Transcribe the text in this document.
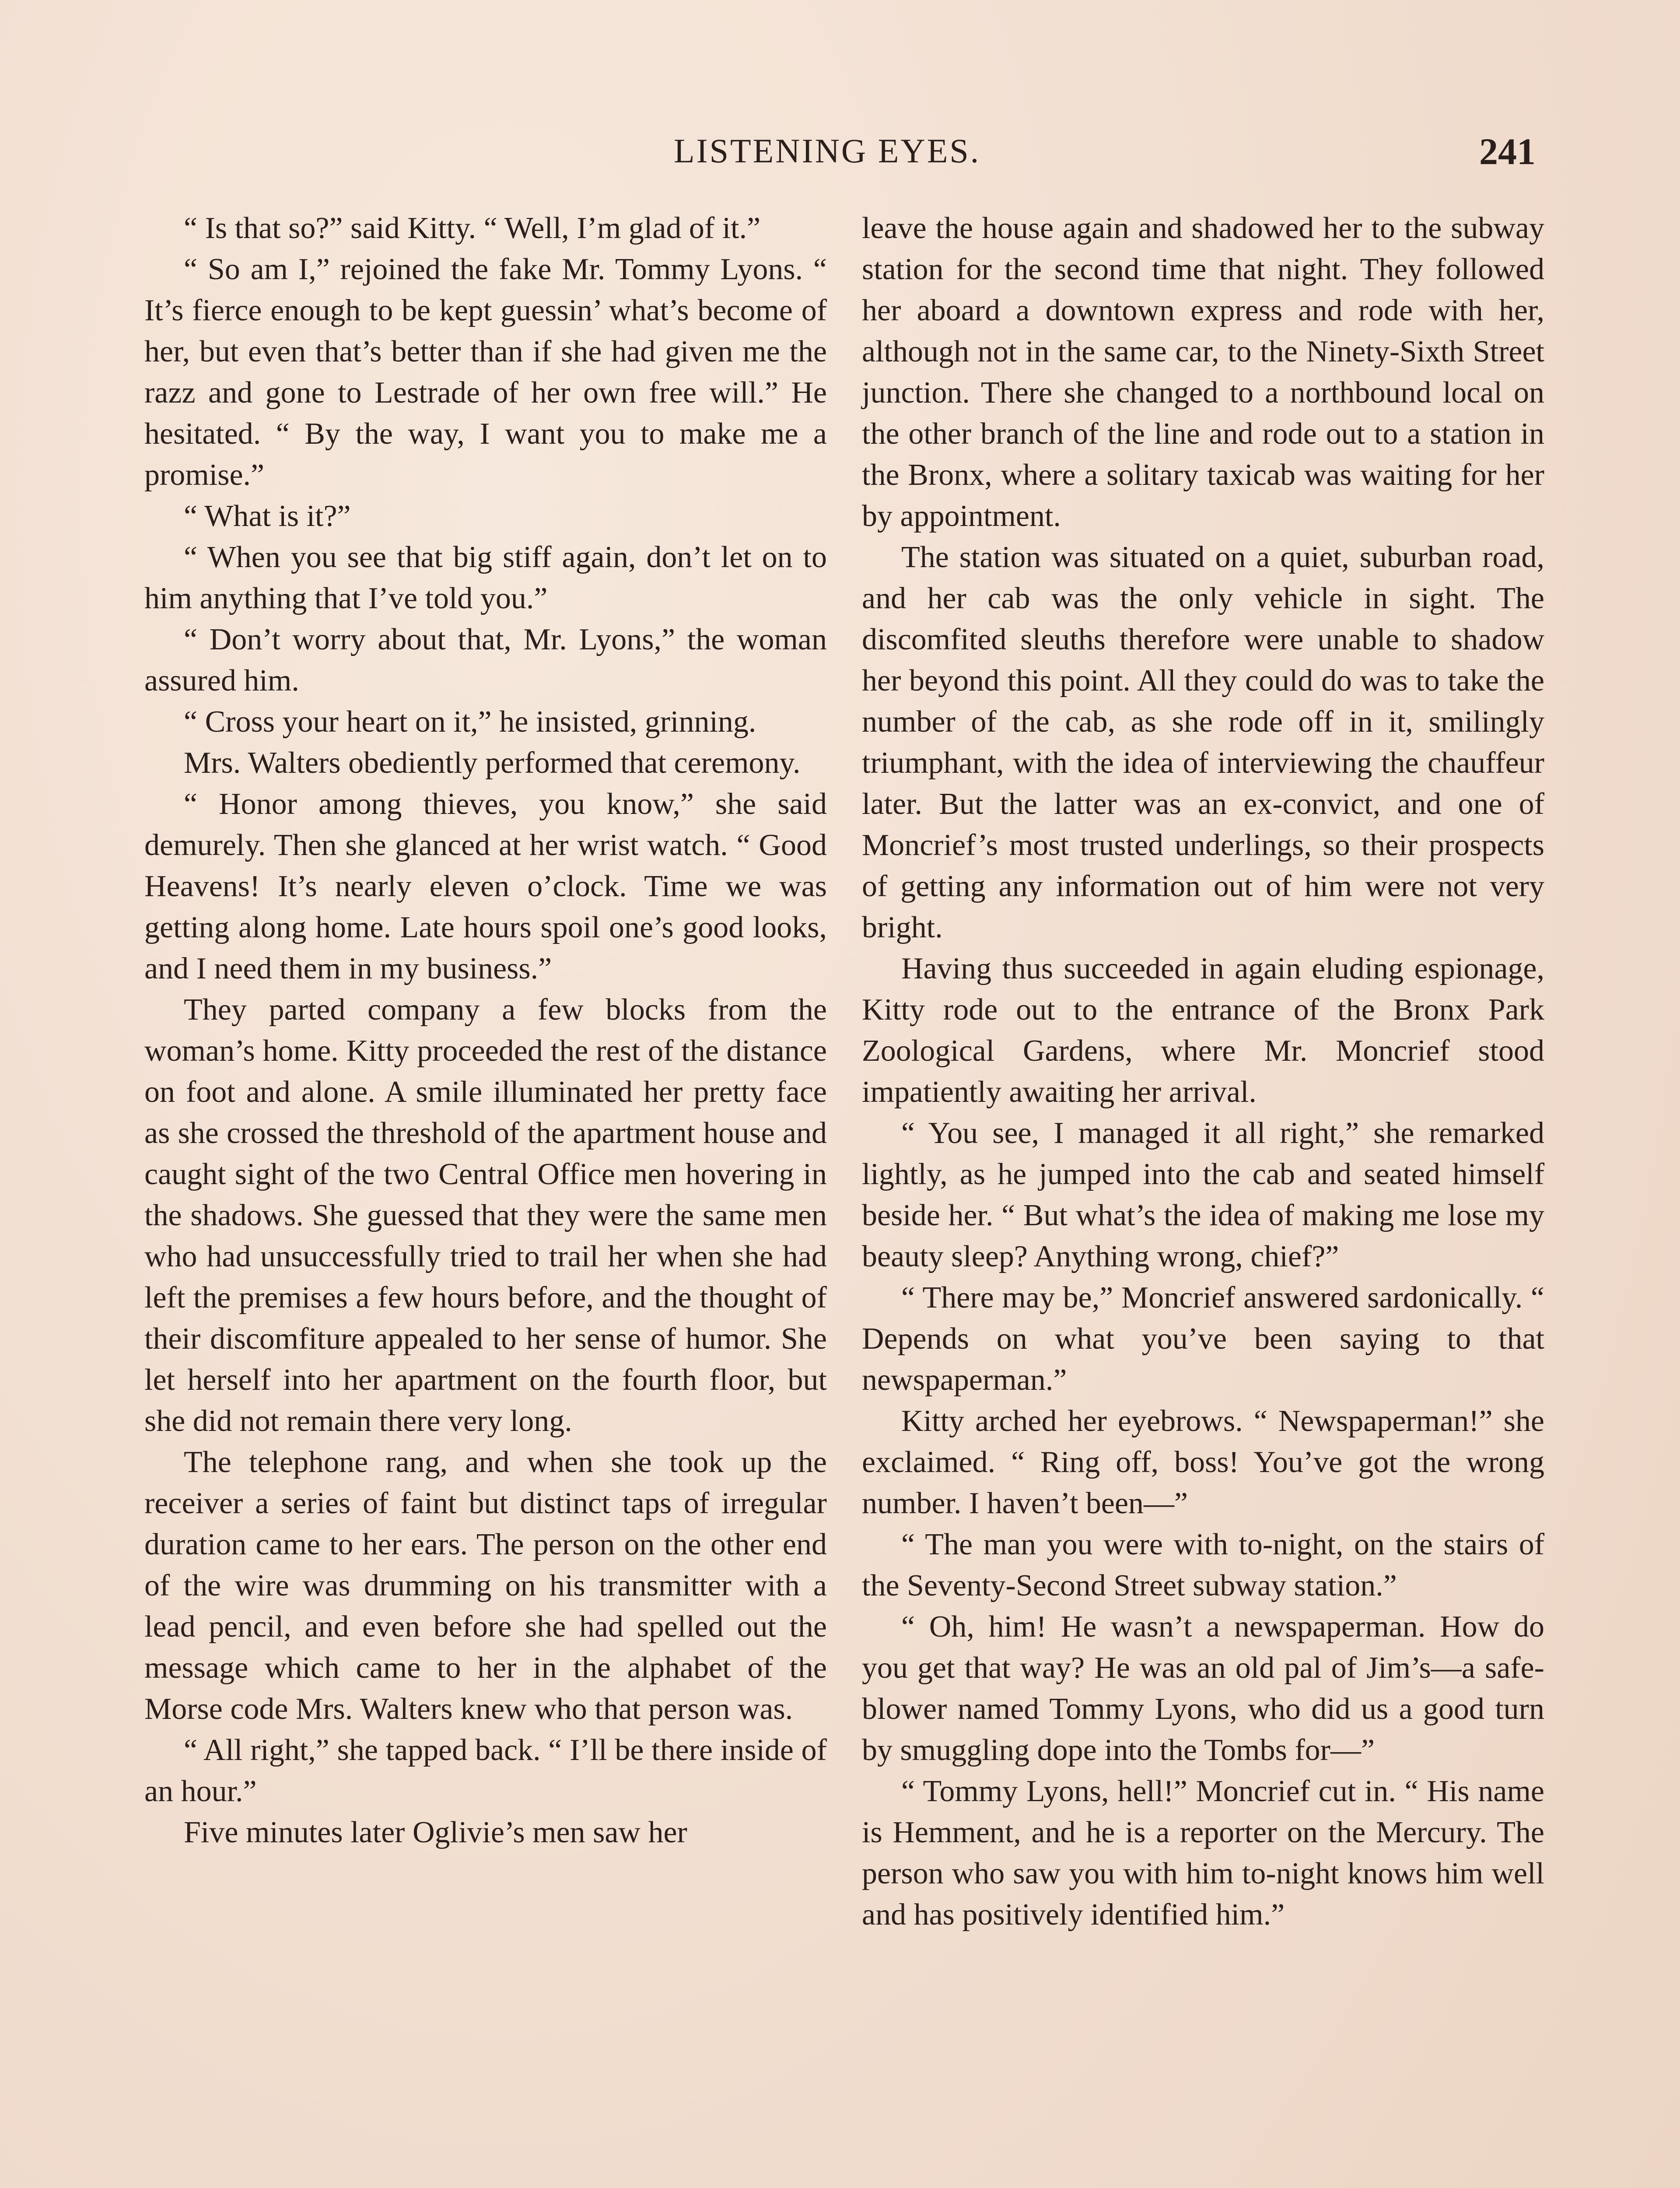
LISTENING EYES.	241

“ Is that so?” said Kitty. “ Well, I’m glad of it.”

“ So am I,” rejoined the fake Mr. Tommy Lyons. “ It’s fierce enough to be kept guessin’ what’s become of her, but even that’s better than if she had given me the razz and gone to Lestrade of her own free will.” He hesitated. “ By the way, I want you to make me a promise.”

“ What is it?”

“ When you see that big stiff again, don’t let on to him anything that I’ve told you.”

“ Don’t worry about that, Mr. Lyons,” the woman assured him.

“ Cross your heart on it,” he insisted, grinning.

Mrs. Walters obediently performed that ceremony.

“ Honor among thieves, you know,” she said demurely. Then she glanced at her wrist watch. “ Good Heavens! It’s nearly eleven o’clock. Time we was getting along home. Late hours spoil one’s good looks, and I need them in my business.”

They parted company a few blocks from the woman’s home. Kitty proceeded the rest of the distance on foot and alone. A smile illuminated her pretty face as she crossed the threshold of the apartment house and caught sight of the two Central Office men hovering in the shadows. She guessed that they were the same men who had unsuccessfully tried to trail her when she had left the premises a few hours before, and the thought of their discomfiture appealed to her sense of humor. She let herself into her apartment on the fourth floor, but she did not remain there very long.

The telephone rang, and when she took up the receiver a series of faint but distinct taps of irregular duration came to her ears. The person on the other end of the wire was drumming on his transmitter with a lead pencil, and even before she had spelled out the message which came to her in the alphabet of the Morse code Mrs. Walters knew who that person was.

“ All right,” she tapped back. “ I’ll be there inside of an hour.”

Five minutes later Oglivie’s men saw her

leave the house again and shadowed her to the subway station for the second time that night. They followed her aboard a downtown express and rode with her, although not in the same car, to the Ninety-Sixth Street junction. There she changed to a northbound local on the other branch of the line and rode out to a station in the Bronx, where a solitary taxicab was waiting for her by appointment.

The station was situated on a quiet, suburban road, and her cab was the only vehicle in sight. The discomfited sleuths therefore were unable to shadow her beyond this point. All they could do was to take the number of the cab, as she rode off in it, smilingly triumphant, with the idea of interviewing the chauffeur later. But the latter was an ex-convict, and one of Moncrief’s most trusted underlings, so their prospects of getting any information out of him were not very bright.

Having thus succeeded in again eluding espionage, Kitty rode out to the entrance of the Bronx Park Zoological Gardens, where Mr. Moncrief stood impatiently awaiting her arrival.

“ You see, I managed it all right,” she remarked lightly, as he jumped into the cab and seated himself beside her. “ But what’s the idea of making me lose my beauty sleep? Anything wrong, chief?”

“ There may be,” Moncrief answered sardonically. “ Depends on what you’ve been saying to that newspaperman.”

Kitty arched her eyebrows. “ Newspaperman!” she exclaimed. “ Ring off, boss! You’ve got the wrong number. I haven’t been—”

“ The man you were with to-night, on the stairs of the Seventy-Second Street subway station.”

“ Oh, him! He wasn’t a newspaperman. How do you get that way? He was an old pal of Jim’s—a safe-blower named Tommy Lyons, who did us a good turn by smuggling dope into the Tombs for—”

“ Tommy Lyons, hell!” Moncrief cut in. “ His name is Hemment, and he is a reporter on the Mercury. The person who saw you with him to-night knows him well and has positively identified him.”
